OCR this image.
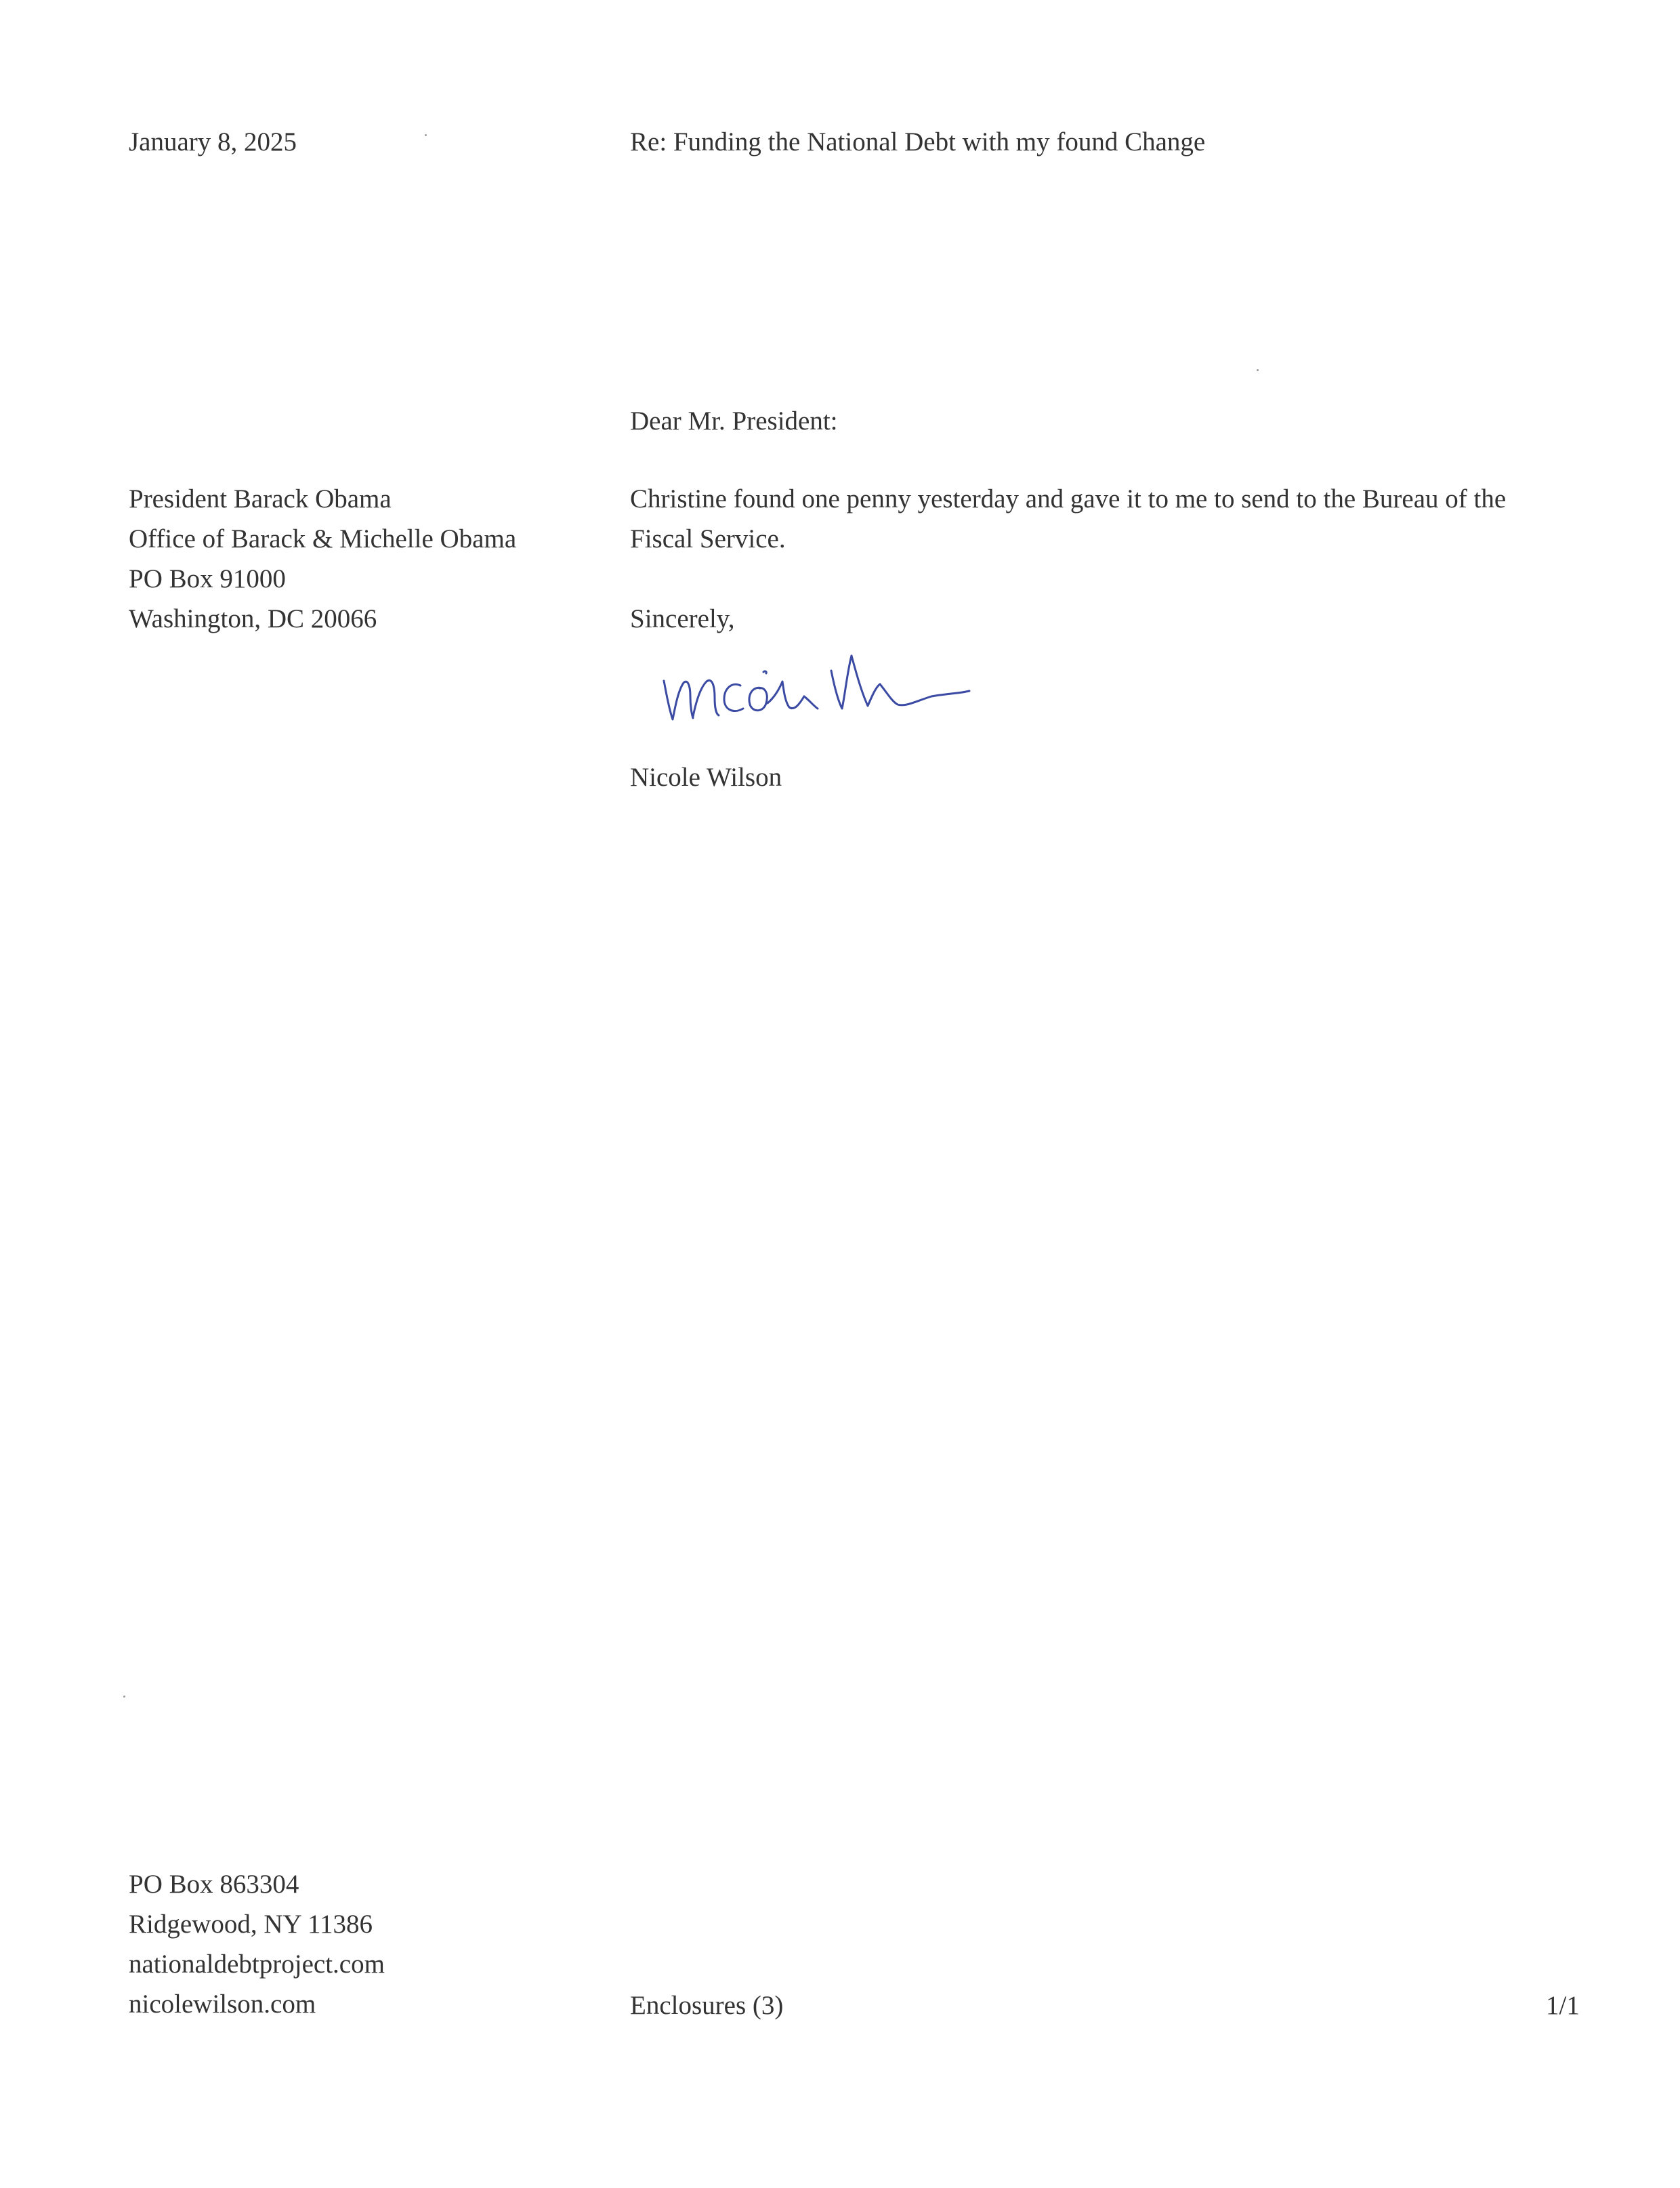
January 8, 2025	Re: Funding the National Debt with my found Change
Dear Mr. President:
President Barack Obama
Office of Barack & Michelle Obama
PO Box 91000
Washington, DC 20066
Christine found one penny yesterday and gave it to me to send to the Bureau of the
Fiscal Service.
Sincerely,
Nicole Wilson
PO Box 863304
Ridgewood, NY 11386
nationaldebtproject.com
nicolewilson.com	Enclosures (3)	1/1
